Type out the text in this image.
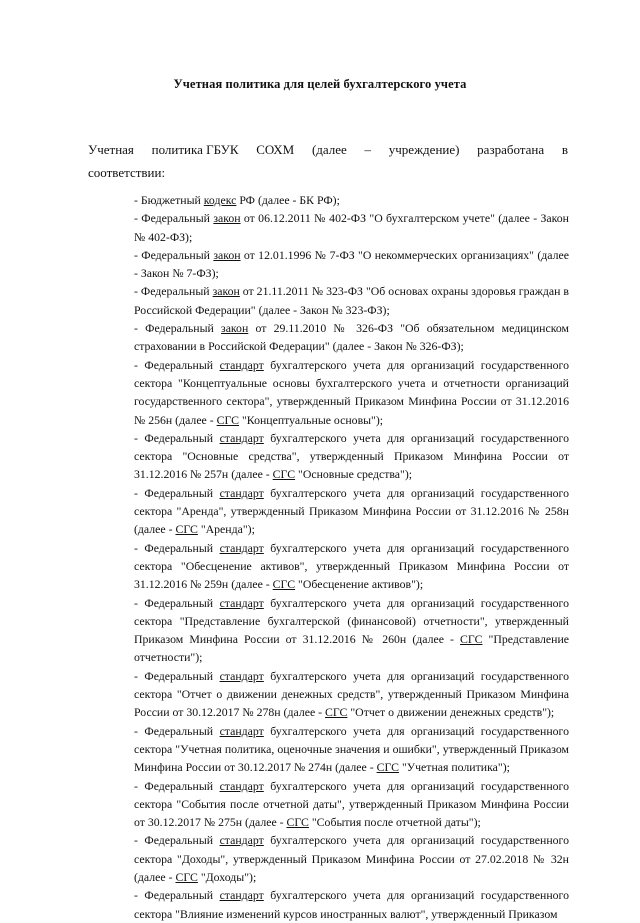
Учетная политика для целей бухгалтерского учета
Учетная политика ГБУК СОХМ (далее – учреждение) разработана в
соответствии:

- Бюджетный кодекс РФ (далее - БК РФ);

- Федеральный закон от 06.12.2011 № 402-ФЗ "О бухгалтерском учете" (далее - Закон № 402-ФЗ);

- Федеральный закон от 12.01.1996 № 7-ФЗ "О некоммерческих организациях" (далее - Закон № 7-ФЗ);

- Федеральный закон от 21.11.2011 № 323-ФЗ "Об основах охраны здоровья граждан в Российской Федерации" (далее - Закон № 323-ФЗ);

- Федеральный закон от 29.11.2010 № 326-ФЗ "Об обязательном медицинском страховании в Российской Федерации" (далее - Закон № 326-ФЗ);

- Федеральный стандарт бухгалтерского учета для организаций государственного сектора "Концептуальные основы бухгалтерского учета и отчетности организаций государственного сектора", утвержденный Приказом Минфина России от 31.12.2016 № 256н (далее - СГС "Концептуальные основы");

- Федеральный стандарт бухгалтерского учета для организаций государственного сектора "Основные средства", утвержденный Приказом Минфина России от 31.12.2016 № 257н (далее - СГС "Основные средства");

- Федеральный стандарт бухгалтерского учета для организаций государственного сектора "Аренда", утвержденный Приказом Минфина России от 31.12.2016 № 258н (далее - СГС "Аренда");

- Федеральный стандарт бухгалтерского учета для организаций государственного сектора "Обесценение активов", утвержденный Приказом Минфина России от 31.12.2016 № 259н (далее - СГС "Обесценение активов");

- Федеральный стандарт бухгалтерского учета для организаций государственного сектора "Представление бухгалтерской (финансовой) отчетности", утвержденный Приказом Минфина России от 31.12.2016 № 260н (далее - СГС "Представление отчетности");

- Федеральный стандарт бухгалтерского учета для организаций государственного сектора "Отчет о движении денежных средств", утвержденный Приказом Минфина России от 30.12.2017 № 278н (далее - СГС "Отчет о движении денежных средств");

- Федеральный стандарт бухгалтерского учета для организаций государственного сектора "Учетная политика, оценочные значения и ошибки", утвержденный Приказом Минфина России от 30.12.2017 № 274н (далее - СГС "Учетная политика");

- Федеральный стандарт бухгалтерского учета для организаций государственного сектора "События после отчетной даты", утвержденный Приказом Минфина России от 30.12.2017 № 275н (далее - СГС "События после отчетной даты");

- Федеральный стандарт бухгалтерского учета для организаций государственного сектора "Доходы", утвержденный Приказом Минфина России от 27.02.2018 № 32н (далее - СГС "Доходы");

- Федеральный стандарт бухгалтерского учета для организаций государственного сектора "Влияние изменений курсов иностранных валют", утвержденный Приказом
